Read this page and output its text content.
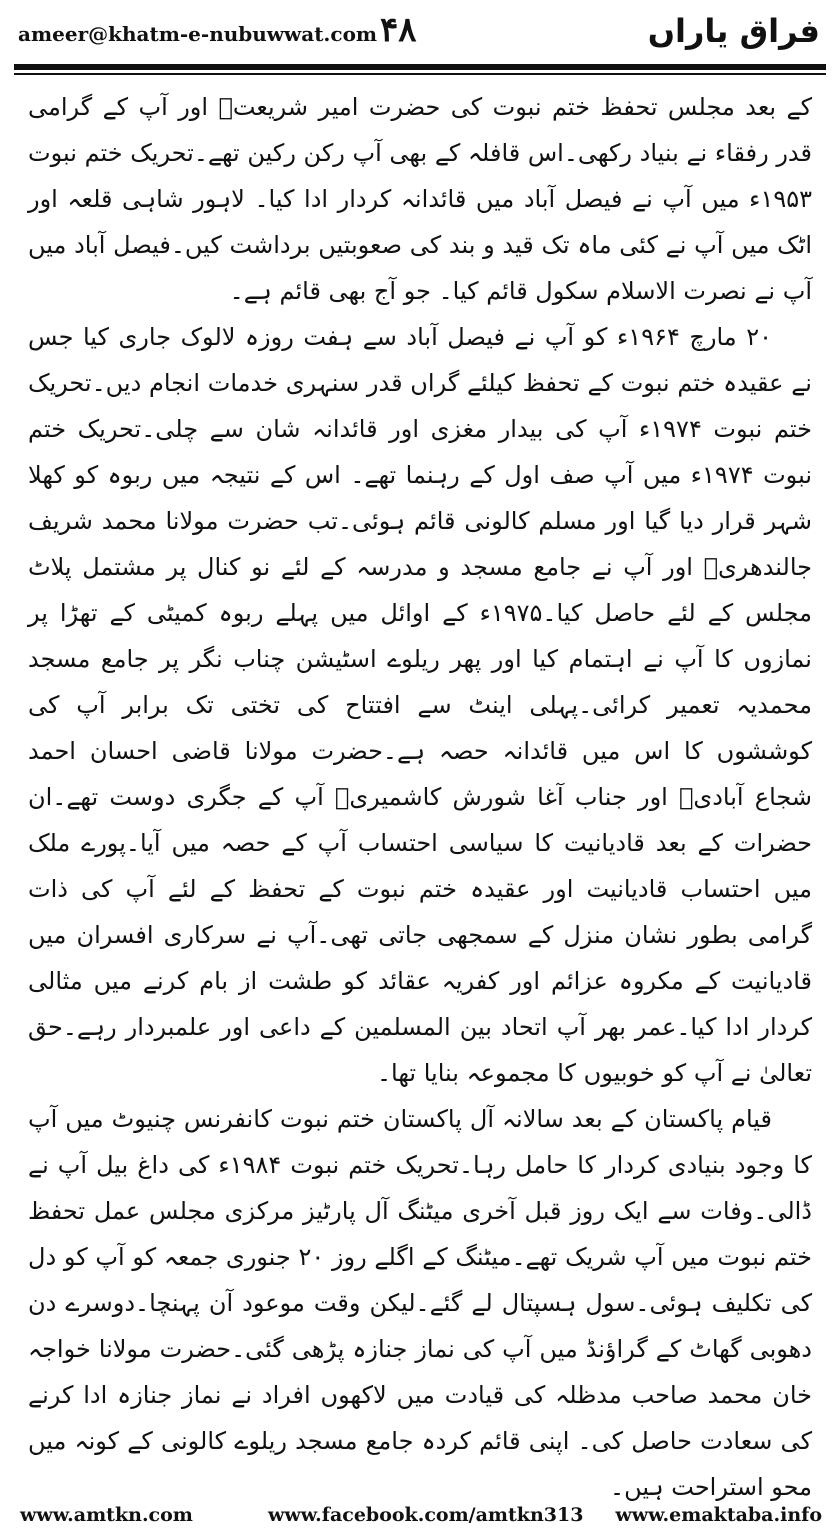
ameer@khatm-e-nubuwwat.com ۴۸	فراق یاراں

کے بعد مجلس تحفظ ختم نبوت کی حضرت امیر شریعتؒ اور آپ کے گرامی قدر رفقاء نے بنیاد رکھی۔اس قافلہ کے بھی آپ رکن رکین تھے۔تحریک ختم نبوت ۱۹۵۳ء میں آپ نے فیصل آباد میں قائدانہ کردار ادا کیا۔ لاہور شاہی قلعہ اور اٹک میں آپ نے کئی ماہ تک قید و بند کی صعوبتیں برداشت کیں۔فیصل آباد میں آپ نے نصرت الاسلام سکول قائم کیا۔ جو آج بھی قائم ہے۔

۲۰ مارچ ۱۹۶۴ء کو آپ نے فیصل آباد سے ہفت روزہ لالوک جاری کیا جس نے عقیدہ ختم نبوت کے تحفظ کیلئے گراں قدر سنہری خدمات انجام دیں۔تحریک ختم نبوت ۱۹۷۴ء آپ کی بیدار مغزی اور قائدانہ شان سے چلی۔تحریک ختم نبوت ۱۹۷۴ء میں آپ صف اول کے رہنما تھے۔ اس کے نتیجہ میں ربوہ کو کھلا شہر قرار دیا گیا اور مسلم کالونی قائم ہوئی۔تب حضرت مولانا محمد شریف جالندھریؒ اور آپ نے جامع مسجد و مدرسہ کے لئے نو کنال پر مشتمل پلاٹ مجلس کے لئے حاصل کیا۔۱۹۷۵ء کے اوائل میں پہلے ربوہ کمیٹی کے تھڑا پر نمازوں کا آپ نے اہتمام کیا اور پھر ریلوے اسٹیشن چناب نگر پر جامع مسجد محمدیہ تعمیر کرائی۔پہلی اینٹ سے افتتاح کی تختی تک برابر آپ کی کوششوں کا اس میں قائدانہ حصہ ہے۔حضرت مولانا قاضی احسان احمد شجاع آبادیؒ اور جناب آغا شورش کاشمیریؒ آپ کے جگری دوست تھے۔ان حضرات کے بعد قادیانیت کا سیاسی احتساب آپ کے حصہ میں آیا۔پورے ملک میں احتساب قادیانیت اور عقیدہ ختم نبوت کے تحفظ کے لئے آپ کی ذات گرامی بطور نشان منزل کے سمجھی جاتی تھی۔آپ نے سرکاری افسران میں قادیانیت کے مکروہ عزائم اور کفریہ عقائد کو طشت از بام کرنے میں مثالی کردار ادا کیا۔عمر بھر آپ اتحاد بین المسلمین کے داعی اور علمبردار رہے۔حق تعالیٰ نے آپ کو خوبیوں کا مجموعہ بنایا تھا۔

قیام پاکستان کے بعد سالانہ آل پاکستان ختم نبوت کانفرنس چنیوٹ میں آپ کا وجود بنیادی کردار کا حامل رہا۔تحریک ختم نبوت ۱۹۸۴ء کی داغ بیل آپ نے ڈالی۔وفات سے ایک روز قبل آخری میٹنگ آل پارٹیز مرکزی مجلس عمل تحفظ ختم نبوت میں آپ شریک تھے۔میٹنگ کے اگلے روز ۲۰ جنوری جمعہ کو آپ کو دل کی تکلیف ہوئی۔سول ہسپتال لے گئے۔لیکن وقت موعود آن پہنچا۔دوسرے دن دھوبی گھاٹ کے گراؤنڈ میں آپ کی نماز جنازہ پڑھی گئی۔حضرت مولانا خواجہ خان محمد صاحب مدظلہ کی قیادت میں لاکھوں افراد نے نماز جنازہ ادا کرنے کی سعادت حاصل کی۔ اپنی قائم کردہ جامع مسجد ریلوے کالونی کے کونہ میں محو استراحت ہیں۔

www.amtkn.com	www.facebook.com/amtkn313 www.emaktaba.info
